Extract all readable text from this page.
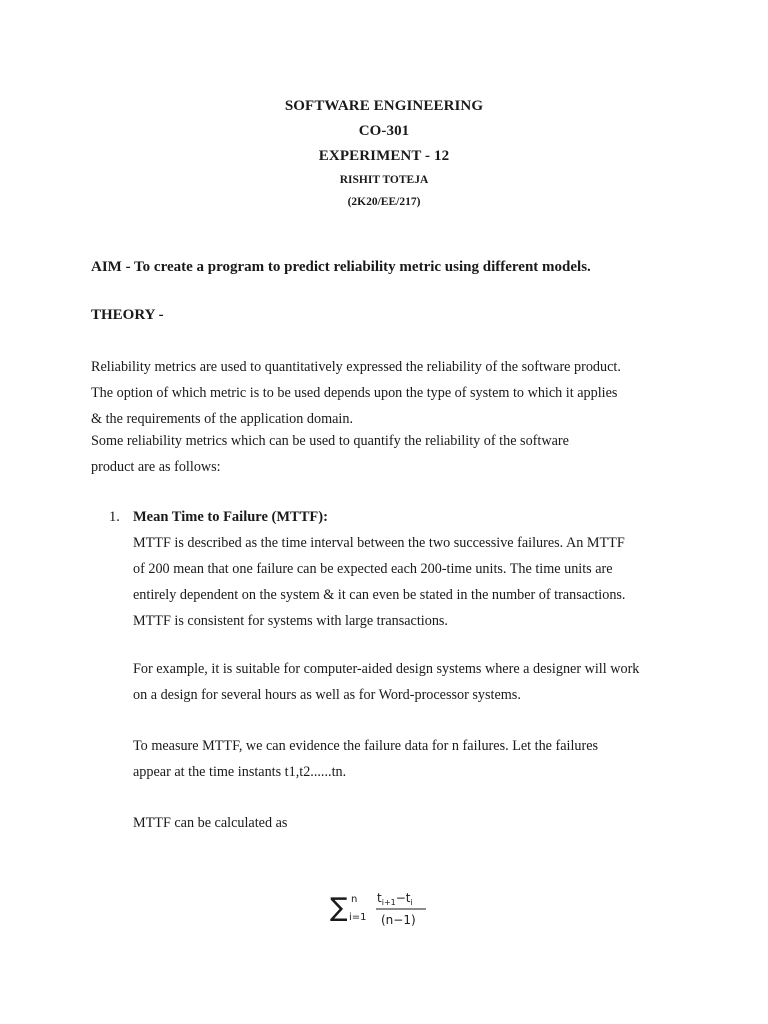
SOFTWARE ENGINEERING
CO-301
EXPERIMENT - 12
RISHIT TOTEJA
(2K20/EE/217)
AIM - To create a program to predict reliability metric using different models.
THEORY -
Reliability metrics are used to quantitatively expressed the reliability of the software product.
The option of which metric is to be used depends upon the type of system to which it applies
& the requirements of the application domain.
Some reliability metrics which can be used to quantify the reliability of the software
product are as follows:
1. Mean Time to Failure (MTTF):
MTTF is described as the time interval between the two successive failures. An MTTF
of 200 mean that one failure can be expected each 200-time units. The time units are
entirely dependent on the system & it can even be stated in the number of transactions.
MTTF is consistent for systems with large transactions.
For example, it is suitable for computer-aided design systems where a designer will work
on a design for several hours as well as for Word-processor systems.
To measure MTTF, we can evidence the failure data for n failures. Let the failures
appear at the time instants t1,t2......tn.
MTTF can be calculated as
∑ n
i=1
$t_{i+1}-t_i$
(n−1)
